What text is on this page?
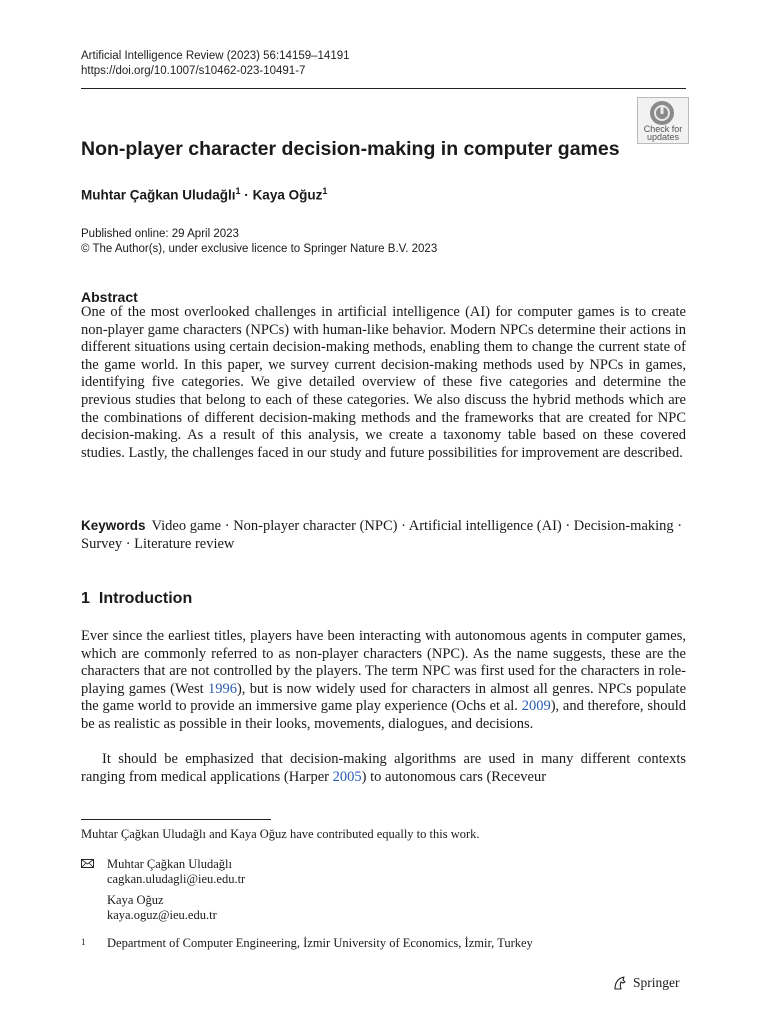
Artificial Intelligence Review (2023) 56:14159–14191
https://doi.org/10.1007/s10462-023-10491-7
Check for
updates
Non-player character decision-making in computer games
Muhtar Çağkan Uludağlı$^1$ · Kaya Oğuz$^1$
Published online: 29 April 2023
© The Author(s), under exclusive licence to Springer Nature B.V. 2023
Abstract
One of the most overlooked challenges in artificial intelligence (AI) for computer games is to create non-player game characters (NPCs) with human-like behavior. Modern NPCs determine their actions in different situations using certain decision-making methods, enabling them to change the current state of the game world. In this paper, we survey current decision-making methods used by NPCs in games, identifying five categories. We give detailed overview of these five categories and determine the previous studies that belong to each of these categories. We also discuss the hybrid methods which are the combinations of different decision-making methods and the frameworks that are created for NPC decision-making. As a result of this analysis, we create a taxonomy table based on these covered studies. Lastly, the challenges faced in our study and future possibilities for improvement are described.
Keywords Video game · Non-player character (NPC) · Artificial intelligence (AI) · Decision-making · Survey · Literature review
1 Introduction
Ever since the earliest titles, players have been interacting with autonomous agents in computer games, which are commonly referred to as non-player characters (NPC). As the name suggests, these are the characters that are not controlled by the players. The term NPC was first used for the characters in role-playing games (West 1996), but is now widely used for characters in almost all genres. NPCs populate the game world to provide an immersive game play experience (Ochs et al. 2009), and therefore, should be as realistic as possible in their looks, movements, dialogues, and decisions.
It should be emphasized that decision-making algorithms are used in many different contexts ranging from medical applications (Harper 2005) to autonomous cars (Receveur
Muhtar Çağkan Uludağlı and Kaya Oğuz have contributed equally to this work.
Muhtar Çağkan Uludağlı
cagkan.uludagli@ieu.edu.tr
Kaya Oğuz
kaya.oguz@ieu.edu.tr
1 Department of Computer Engineering, İzmir University of Economics, İzmir, Turkey
Springer
